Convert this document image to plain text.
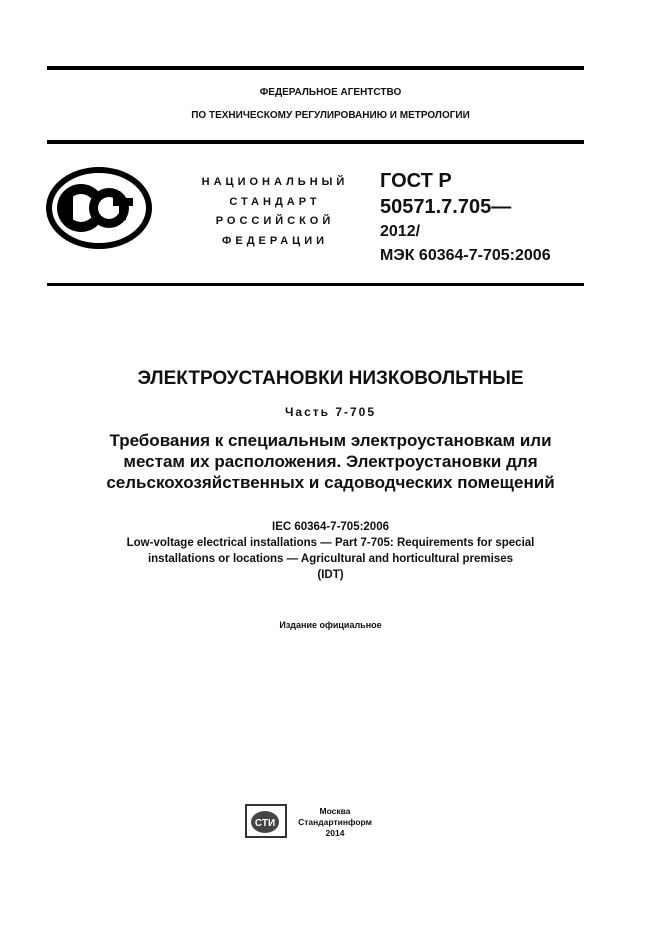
ФЕДЕРАЛЬНОЕ АГЕНТСТВО
ПО ТЕХНИЧЕСКОМУ РЕГУЛИРОВАНИЮ И МЕТРОЛОГИИ
НАЦИОНАЛЬНЫЙ
СТАНДАРТ
РОССИЙСКОЙ
ФЕДЕРАЦИИ
ГОСТ Р
50571.7.705—
2012/
МЭК 60364-7-705:2006
ЭЛЕКТРОУСТАНОВКИ НИЗКОВОЛЬТНЫЕ
Часть 7-705
Требования к специальным электроустановкам или
местам их расположения. Электроустановки для
сельскохозяйственных и садоводческих помещений
IEC 60364-7-705:2006
Low-voltage electrical installations — Part 7-705: Requirements for special
installations or locations — Agricultural and horticultural premises
(IDT)
Издание официальное
СТИ
Москва
Стандартинформ
2014
